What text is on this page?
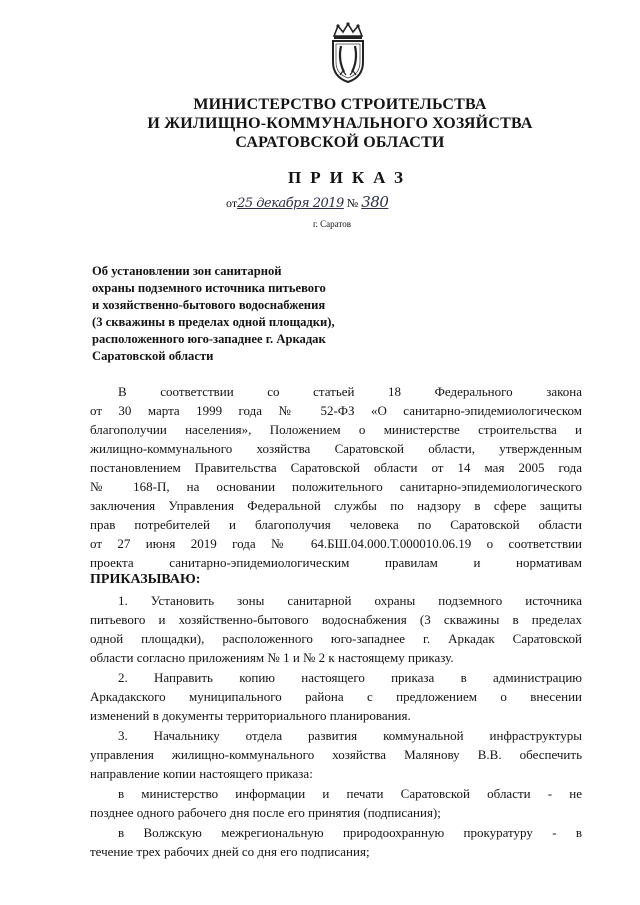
МИНИСТЕРСТВО СТРОИТЕЛЬСТВА
И ЖИЛИЩНО-КОММУНАЛЬНОГО ХОЗЯЙСТВА
САРАТОВСКОЙ ОБЛАСТИ
ПРИКАЗ
от25 декабря 2019 № 380
г. Саратов
Об установлении зон санитарной
охраны подземного источника питьевого
и хозяйственно-бытового водоснабжения
(3 скважины в пределах одной площадки),
расположенного юго-западнее г. Аркадак
Саратовской области
В соответствии со статьей 18 Федерального закона
от 30 марта 1999 года № 52-ФЗ «О санитарно-эпидемиологическом
благополучии населения», Положением о министерстве строительства и
жилищно-коммунального хозяйства Саратовской области, утвержденным
постановлением Правительства Саратовской области от 14 мая 2005 года
№ 168-П, на основании положительного санитарно-эпидемиологического
заключения Управления Федеральной службы по надзору в сфере защиты
прав потребителей и благополучия человека по Саратовской области
от 27 июня 2019 года № 64.БШ.04.000.Т.000010.06.19 о соответствии
проекта санитарно-эпидемиологическим правилам и нормативам
ПРИКАЗЫВАЮ:
1. Установить зоны санитарной охраны подземного источника
питьевого и хозяйственно-бытового водоснабжения (3 скважины в пределах
одной площадки), расположенного юго-западнее г. Аркадак Саратовской
области согласно приложениям № 1 и № 2 к настоящему приказу.
2. Направить копию настоящего приказа в администрацию
Аркадакского муниципального района с предложением о внесении
изменений в документы территориального планирования.
3. Начальнику отдела развития коммунальной инфраструктуры
управления жилищно-коммунального хозяйства Малянову В.В. обеспечить
направление копии настоящего приказа:
в министерство информации и печати Саратовской области - не
позднее одного рабочего дня после его принятия (подписания);
в Волжскую межрегиональную природоохранную прокуратуру - в
течение трех рабочих дней со дня его подписания;
